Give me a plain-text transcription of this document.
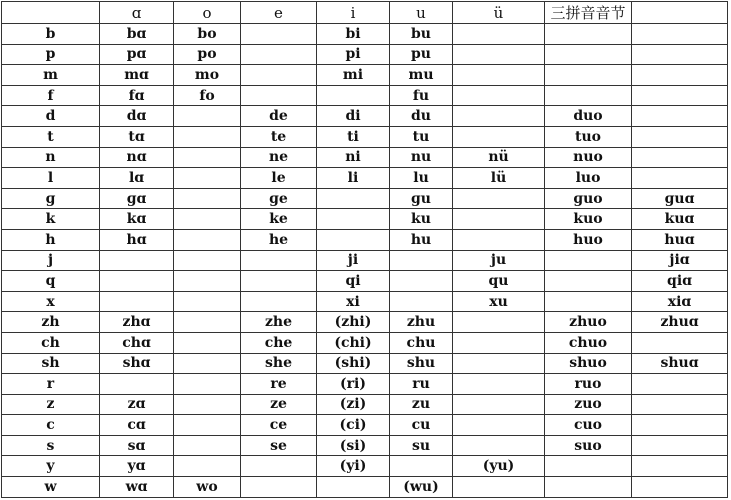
	ɑ	o	e	i	u	ü	三拼音音节	
b	bɑ	bo		bi	bu			
p	pɑ	po		pi	pu			
m	mɑ	mo		mi	mu			
f	fɑ	fo			fu			
d	dɑ		de	di	du		duo	
t	tɑ		te	ti	tu		tuo	
n	nɑ		ne	ni	nu	nü	nuo	
l	lɑ		le	li	lu	lü	luo	
ɡ	ɡɑ		ɡe		ɡu		ɡuo	ɡuɑ
k	kɑ		ke		ku		kuo	kuɑ
h	hɑ		he		hu		huo	huɑ
j				ji		ju		jiɑ
q				qi		qu		qiɑ
x				xi		xu		xiɑ
zh	zhɑ		zhe	(zhi)	zhu		zhuo	zhuɑ
ch	chɑ		che	(chi)	chu		chuo	
sh	shɑ		she	(shi)	shu		shuo	shuɑ
r			re	(ri)	ru		ruo	
z	zɑ		ze	(zi)	zu		zuo	
c	cɑ		ce	(ci)	cu		cuo	
s	sɑ		se	(si)	su		suo	
y	yɑ			(yi)		(yu)		
w	wɑ	wo			(wu)			
